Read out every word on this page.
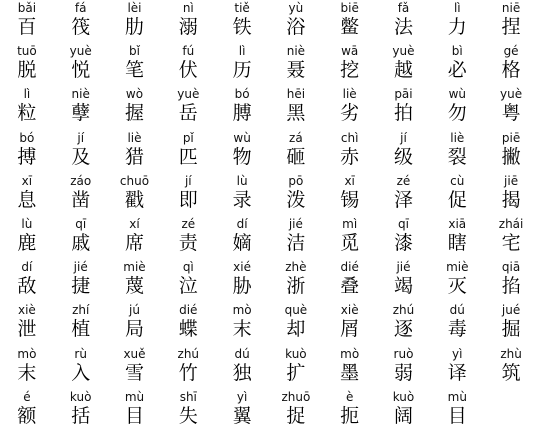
bǎi
百
fá
筏
lèi
肋
nì
溺
tiě
铁
yù
浴
biē
鳖
fǎ
法
lì
力
niē
捏
tuō
脱
yuè
悦
bǐ
笔
fú
伏
lì
历
niè
聂
wā
挖
yuè
越
bì
必
gé
格
lì
粒
niè
孽
wò
握
yuè
岳
bó
膊
hēi
黑
liè
劣
pāi
拍
wù
勿
yuè
粤
bó
搏
jí
及
liè
猎
pǐ
匹
wù
物
zá
砸
chì
赤
jí
级
liè
裂
piē
撇
xī
息
záo
凿
chuō
戳
jí
即
lù
录
pō
泼
xī
锡
zé
泽
cù
促
jiē
揭
lù
鹿
qī
戚
xí
席
zé
责
dí
嫡
jié
洁
mì
觅
qī
漆
xiā
瞎
zhái
宅
dí
敌
jié
捷
miè
蔑
qì
泣
xié
胁
zhè
浙
dié
叠
jié
竭
miè
灭
qiā
掐
xiè
泄
zhí
植
jú
局
dié
蝶
mò
末
què
却
xiè
屑
zhú
逐
dú
毒
jué
掘
mò
末
rù
入
xuě
雪
zhú
竹
dú
独
kuò
扩
mò
墨
ruò
弱
yì
译
zhù
筑
é
额
kuò
括
mù
目
shī
失
yì
翼
zhuō
捉
è
扼
kuò
阔
mù
目
